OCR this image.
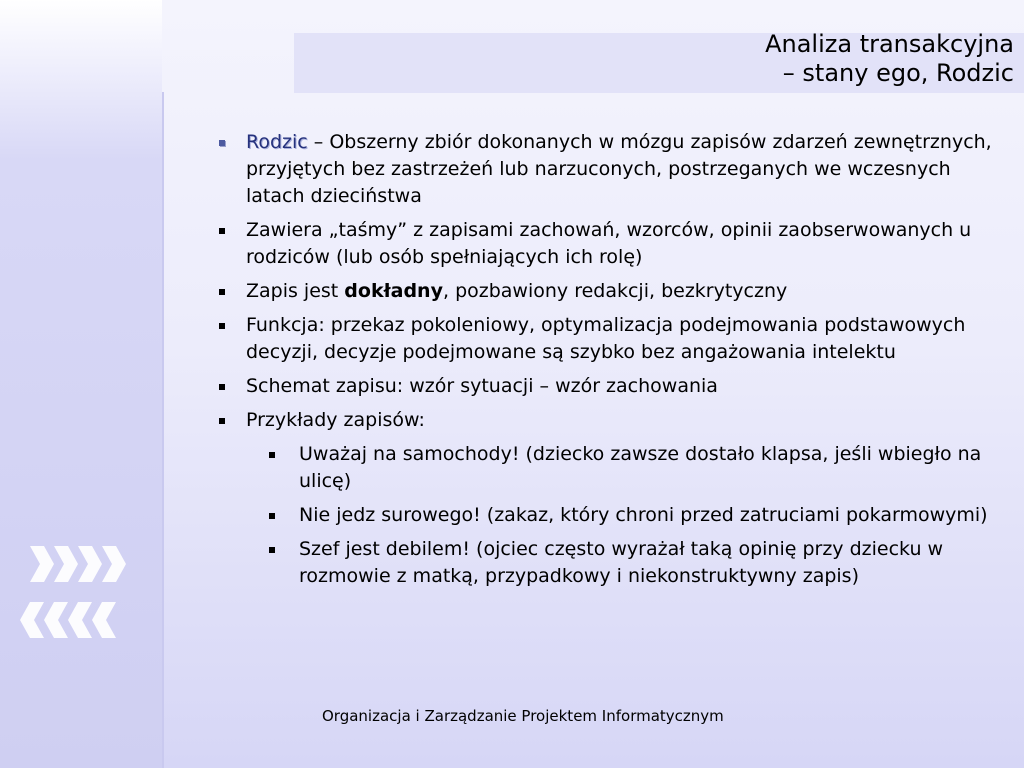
Analiza transakcyjna
– stany ego, Rodzic
Rodzic – Obszerny zbiór dokonanych w mózgu zapisów zdarzeń zewnętrznych, przyjętych bez zastrzeżeń lub narzuconych, postrzeganych we wczesnych latach dzieciństwa
Zawiera „taśmy” z zapisami zachowań, wzorców, opinii zaobserwowanych u rodziców (lub osób spełniających ich rolę)
Zapis jest dokładny, pozbawiony redakcji, bezkrytyczny
Funkcja: przekaz pokoleniowy, optymalizacja podejmowania podstawowych decyzji, decyzje podejmowane są szybko bez angażowania intelektu
Schemat zapisu: wzór sytuacji – wzór zachowania
Przykłady zapisów:
Uważaj na samochody! (dziecko zawsze dostało klapsa, jeśli wbiegło na ulicę)
Nie jedz surowego! (zakaz, który chroni przed zatruciami pokarmowymi)
Szef jest debilem! (ojciec często wyrażał taką opinię przy dziecku w rozmowie z matką, przypadkowy i niekonstruktywny zapis)
Organizacja i Zarządzanie Projektem Informatycznym
